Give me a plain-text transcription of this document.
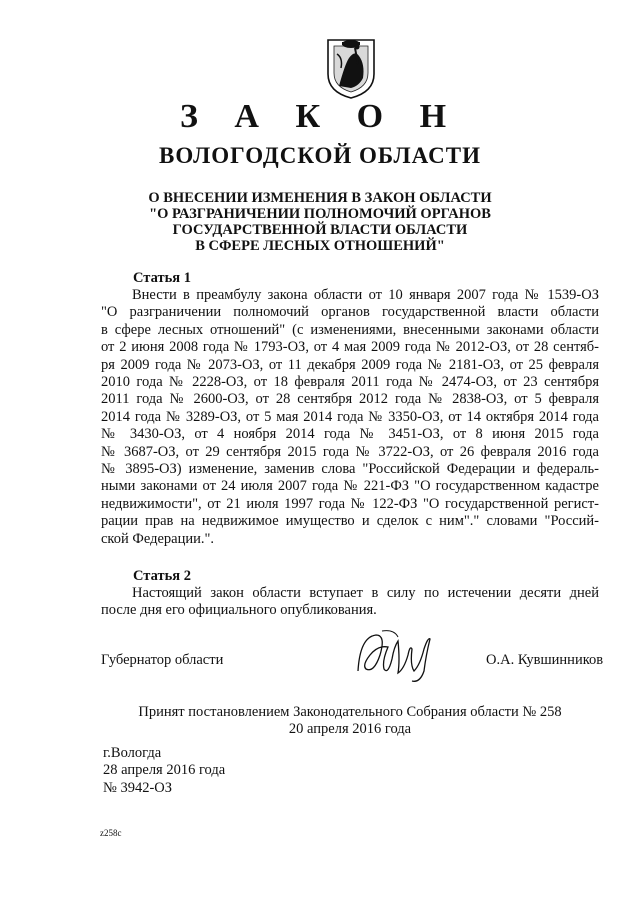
З А К О Н
ВОЛОГОДСКОЙ ОБЛАСТИ
О ВНЕСЕНИИ ИЗМЕНЕНИЯ В ЗАКОН ОБЛАСТИ
"О РАЗГРАНИЧЕНИИ ПОЛНОМОЧИЙ ОРГАНОВ
ГОСУДАРСТВЕННОЙ ВЛАСТИ ОБЛАСТИ
В СФЕРЕ ЛЕСНЫХ ОТНОШЕНИЙ"
Статья 1
Внести в преамбулу закона области от 10 января 2007 года № 1539-ОЗ
"О разграничении полномочий органов государственной власти области
в сфере лесных отношений" (с изменениями, внесенными законами области
от 2 июня 2008 года № 1793-ОЗ, от 4 мая 2009 года № 2012-ОЗ, от 28 сентяб-
ря 2009 года № 2073-ОЗ, от 11 декабря 2009 года № 2181-ОЗ, от 25 февраля
2010 года № 2228-ОЗ, от 18 февраля 2011 года № 2474-ОЗ, от 23 сентября
2011 года № 2600-ОЗ, от 28 сентября 2012 года № 2838-ОЗ, от 5 февраля
2014 года № 3289-ОЗ, от 5 мая 2014 года № 3350-ОЗ, от 14 октября 2014 года
№ 3430-ОЗ, от 4 ноября 2014 года № 3451-ОЗ, от 8 июня 2015 года
№ 3687-ОЗ, от 29 сентября 2015 года № 3722-ОЗ, от 26 февраля 2016 года
№ 3895-ОЗ) изменение, заменив слова "Российской Федерации и федераль-
ными законами от 24 июля 2007 года № 221-ФЗ "О государственном кадастре
недвижимости", от 21 июля 1997 года № 122-ФЗ "О государственной регист-
рации прав на недвижимое имущество и сделок с ним"." словами "Россий-
ской Федерации.".
Статья 2
Настоящий закон области вступает в силу по истечении десяти дней
после дня его официального опубликования.
Губернатор области	О.А. Кувшинников
Принят постановлением Законодательного Собрания области № 258
20 апреля 2016 года
г.Вологда
28 апреля 2016 года
№ 3942-ОЗ
z258c
